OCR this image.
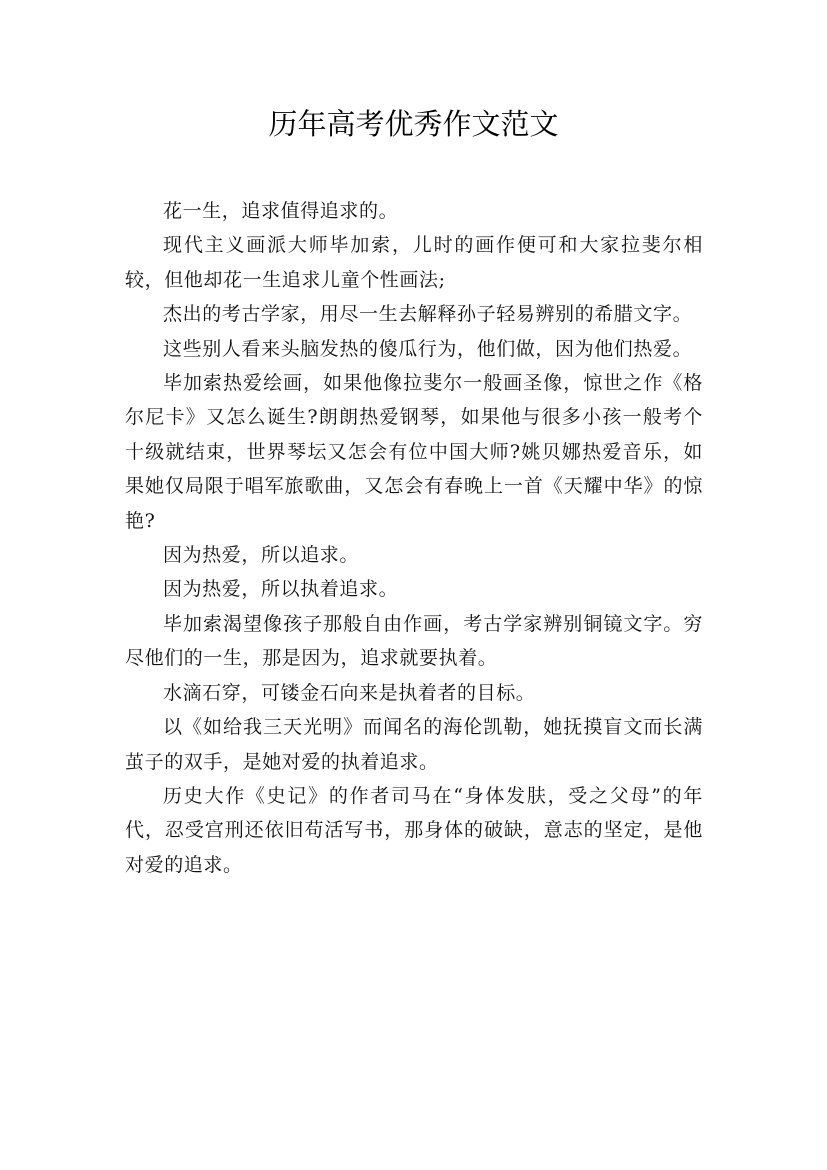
历年高考优秀作文范文

花一生，追求值得追求的。

现代主义画派大师毕加索，儿时的画作便可和大家拉斐尔相较，但他却花一生追求儿童个性画法;

杰出的考古学家，用尽一生去解释孙子轻易辨别的希腊文字。

这些别人看来头脑发热的傻瓜行为，他们做，因为他们热爱。

毕加索热爱绘画，如果他像拉斐尔一般画圣像，惊世之作《格尔尼卡》又怎么诞生?朗朗热爱钢琴，如果他与很多小孩一般考个十级就结束，世界琴坛又怎会有位中国大师?姚贝娜热爱音乐，如果她仅局限于唱军旅歌曲，又怎会有春晚上一首《天耀中华》的惊艳?

因为热爱，所以追求。

因为热爱，所以执着追求。

毕加索渴望像孩子那般自由作画，考古学家辨别铜镜文字。穷尽他们的一生，那是因为，追求就要执着。

水滴石穿，可镂金石向来是执着者的目标。

以《如给我三天光明》而闻名的海伦凯勒，她抚摸盲文而长满茧子的双手，是她对爱的执着追求。

历史大作《史记》的作者司马在“身体发肤，受之父母”的年代，忍受宫刑还依旧苟活写书，那身体的破缺，意志的坚定，是他对爱的追求。
